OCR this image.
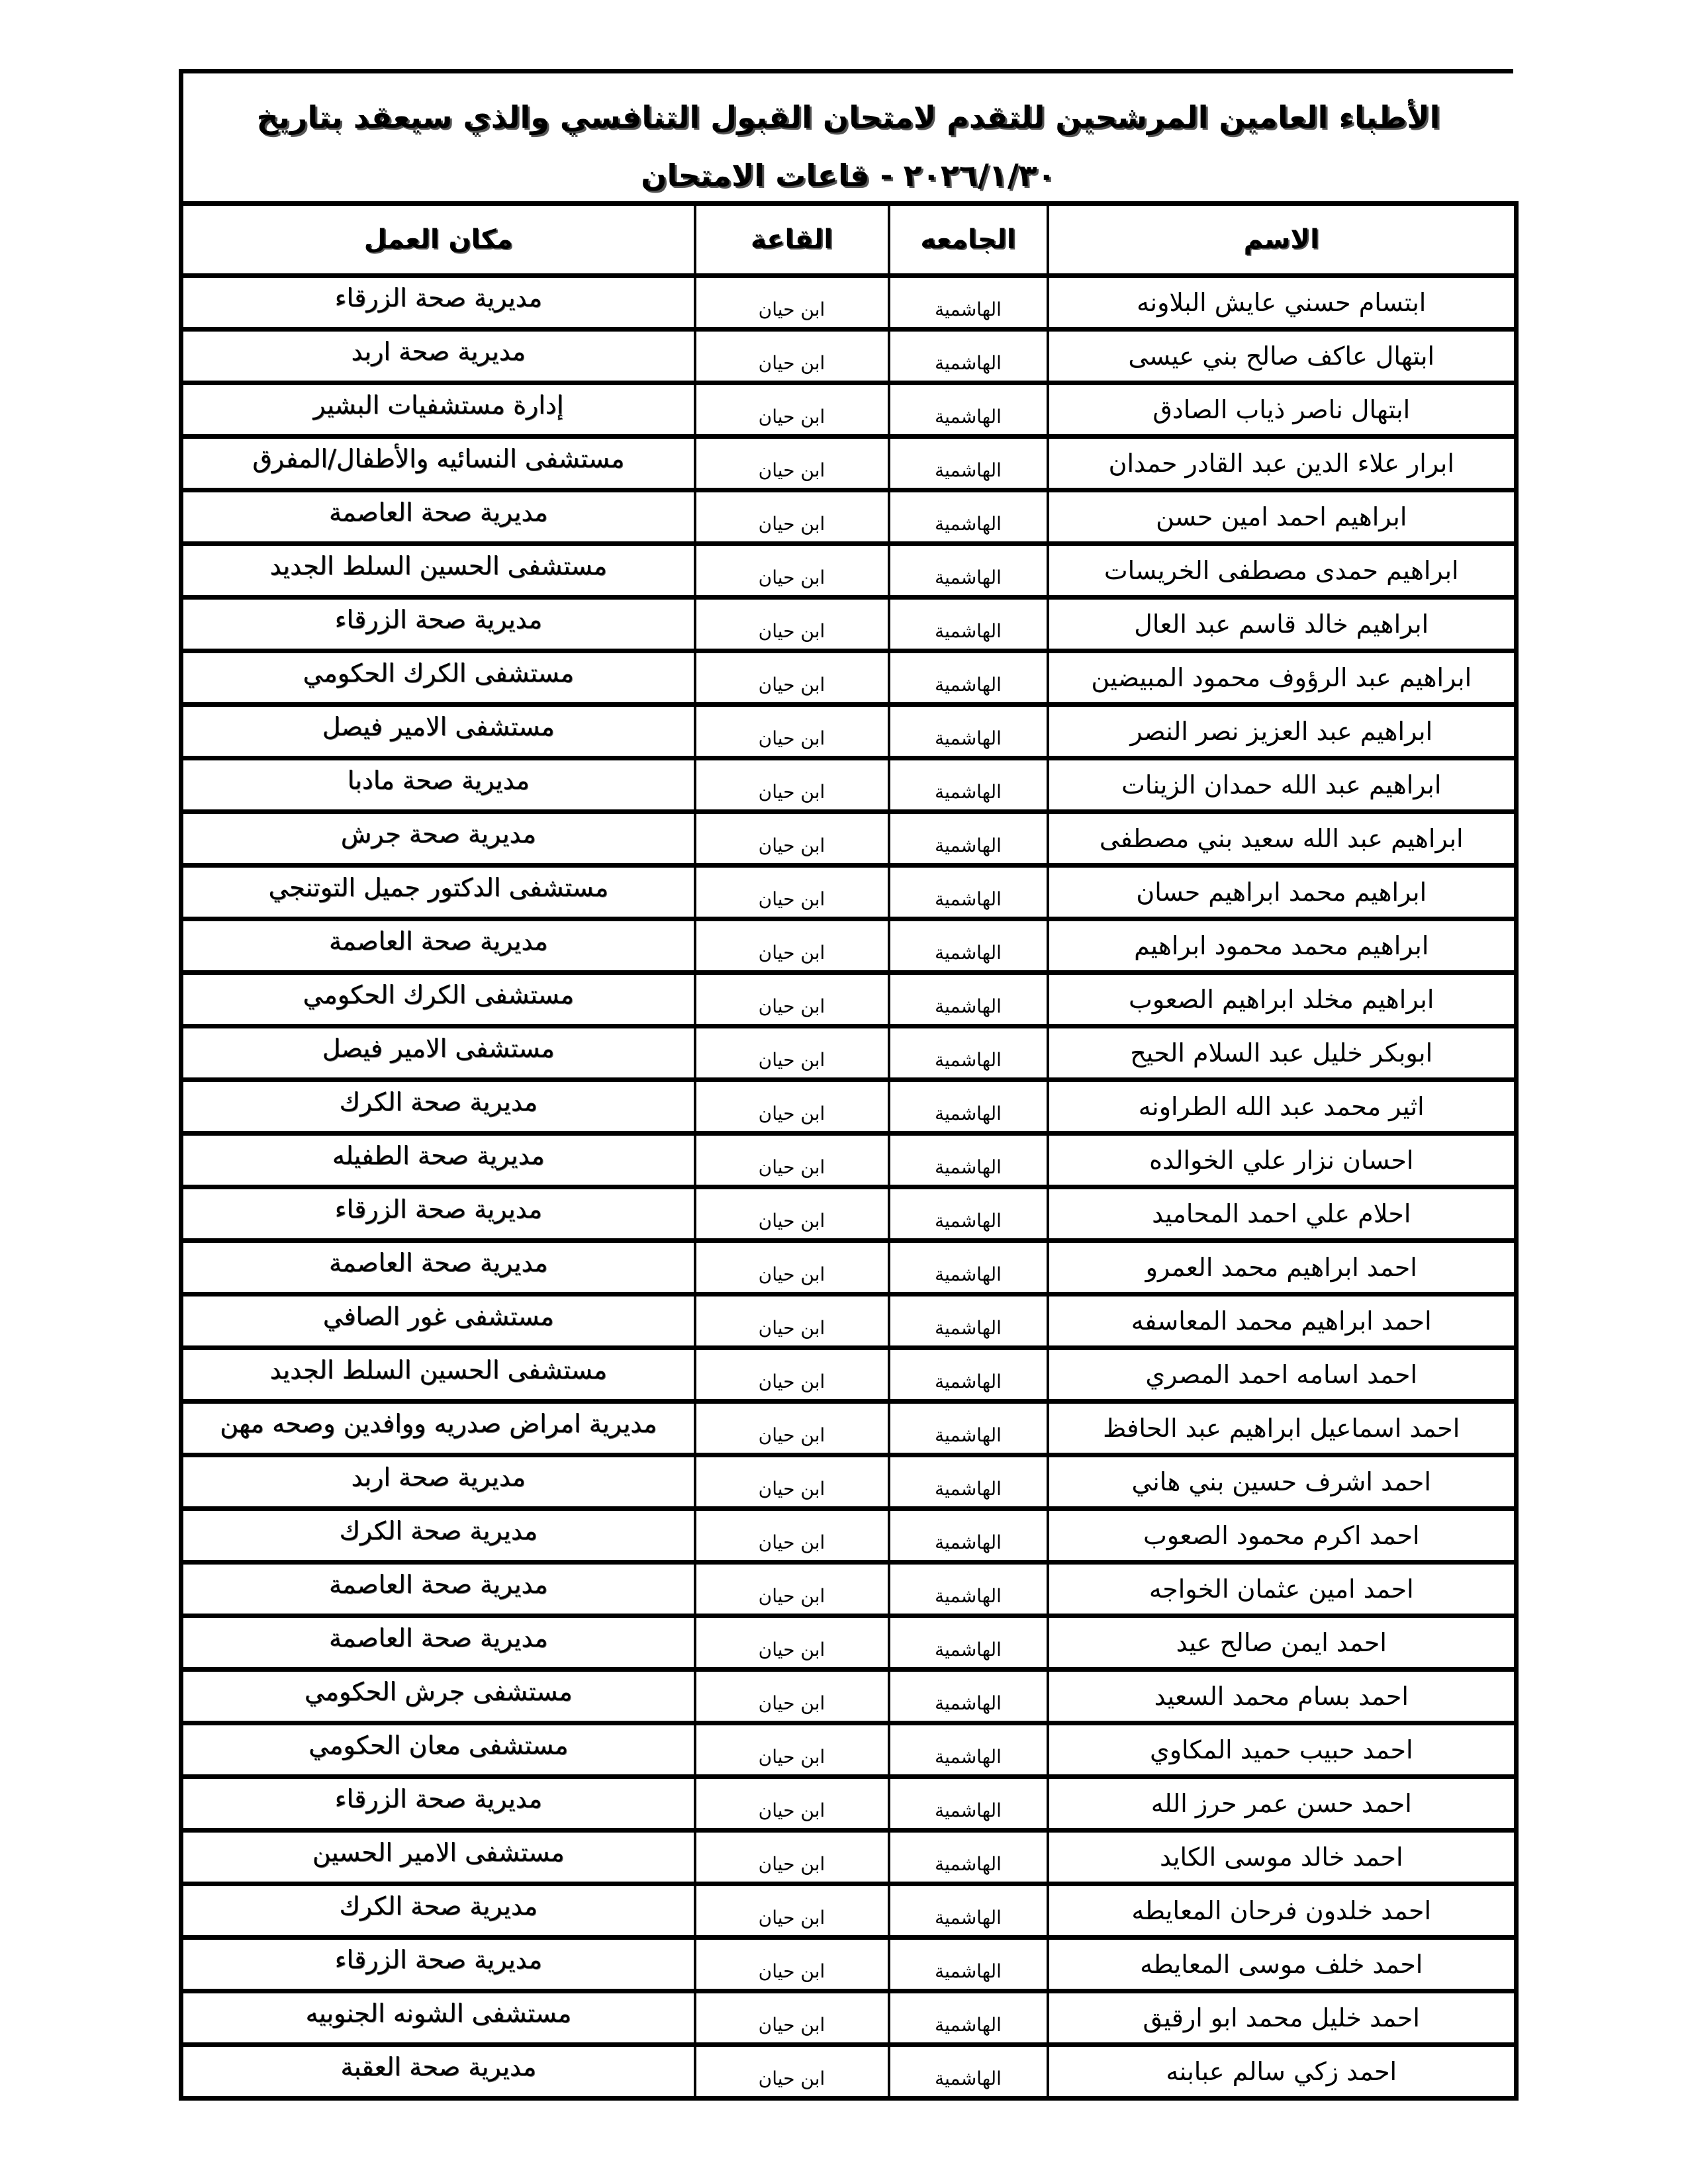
الأطباء العامين المرشحين للتقدم لامتحان القبول التنافسي والذي سيعقد بتاريخ ٢٠٢٦/١/٣٠ - قاعات الامتحان
الاسم	الجامعه	القاعة	مكان العمل
ابتسام حسني عايش البلاونه	الهاشمية	ابن حيان	مديرية صحة الزرقاء
ابتهال عاكف صالح بني عيسى	الهاشمية	ابن حيان	مديرية صحة اربد
ابتهال ناصر ذياب الصادق	الهاشمية	ابن حيان	إدارة مستشفيات البشير
ابرار علاء الدين عبد القادر حمدان	الهاشمية	ابن حيان	مستشفى النسائيه والأطفال/المفرق
ابراهيم احمد امين حسن	الهاشمية	ابن حيان	مديرية صحة العاصمة
ابراهيم حمدى مصطفى الخريسات	الهاشمية	ابن حيان	مستشفى الحسين السلط الجديد
ابراهيم خالد قاسم عبد العال	الهاشمية	ابن حيان	مديرية صحة الزرقاء
ابراهيم عبد الرؤوف محمود المبيضين	الهاشمية	ابن حيان	مستشفى الكرك الحكومي
ابراهيم عبد العزيز نصر النصر	الهاشمية	ابن حيان	مستشفى الامير فيصل
ابراهيم عبد الله حمدان الزينات	الهاشمية	ابن حيان	مديرية صحة مادبا
ابراهيم عبد الله سعيد بني مصطفى	الهاشمية	ابن حيان	مديرية صحة جرش
ابراهيم محمد ابراهيم حسان	الهاشمية	ابن حيان	مستشفى الدكتور جميل التوتنجي
ابراهيم محمد محمود ابراهيم	الهاشمية	ابن حيان	مديرية صحة العاصمة
ابراهيم مخلد ابراهيم الصعوب	الهاشمية	ابن حيان	مستشفى الكرك الحكومي
ابوبكر خليل عبد السلام الحيح	الهاشمية	ابن حيان	مستشفى الامير فيصل
اثير محمد عبد الله الطراونه	الهاشمية	ابن حيان	مديرية صحة الكرك
احسان نزار علي الخوالده	الهاشمية	ابن حيان	مديرية صحة الطفيله
احلام علي احمد المحاميد	الهاشمية	ابن حيان	مديرية صحة الزرقاء
احمد ابراهيم محمد العمرو	الهاشمية	ابن حيان	مديرية صحة العاصمة
احمد ابراهيم محمد المعاسفه	الهاشمية	ابن حيان	مستشفى غور الصافي
احمد اسامه احمد المصري	الهاشمية	ابن حيان	مستشفى الحسين السلط الجديد
احمد اسماعيل ابراهيم عبد الحافظ	الهاشمية	ابن حيان	مديرية امراض صدريه ووافدين وصحه مهن
احمد اشرف حسين بني هاني	الهاشمية	ابن حيان	مديرية صحة اربد
احمد اكرم محمود الصعوب	الهاشمية	ابن حيان	مديرية صحة الكرك
احمد امين عثمان الخواجه	الهاشمية	ابن حيان	مديرية صحة العاصمة
احمد ايمن صالح عيد	الهاشمية	ابن حيان	مديرية صحة العاصمة
احمد بسام محمد السعيد	الهاشمية	ابن حيان	مستشفى جرش الحكومي
احمد حبيب حميد المكاوي	الهاشمية	ابن حيان	مستشفى معان الحكومي
احمد حسن عمر حرز الله	الهاشمية	ابن حيان	مديرية صحة الزرقاء
احمد خالد موسى الكايد	الهاشمية	ابن حيان	مستشفى الامير الحسين
احمد خلدون فرحان المعايطه	الهاشمية	ابن حيان	مديرية صحة الكرك
احمد خلف موسى المعايطه	الهاشمية	ابن حيان	مديرية صحة الزرقاء
احمد خليل محمد ابو ارقيق	الهاشمية	ابن حيان	مستشفى الشونه الجنوبيه
احمد زكي سالم عبابنه	الهاشمية	ابن حيان	مديرية صحة العقبة
